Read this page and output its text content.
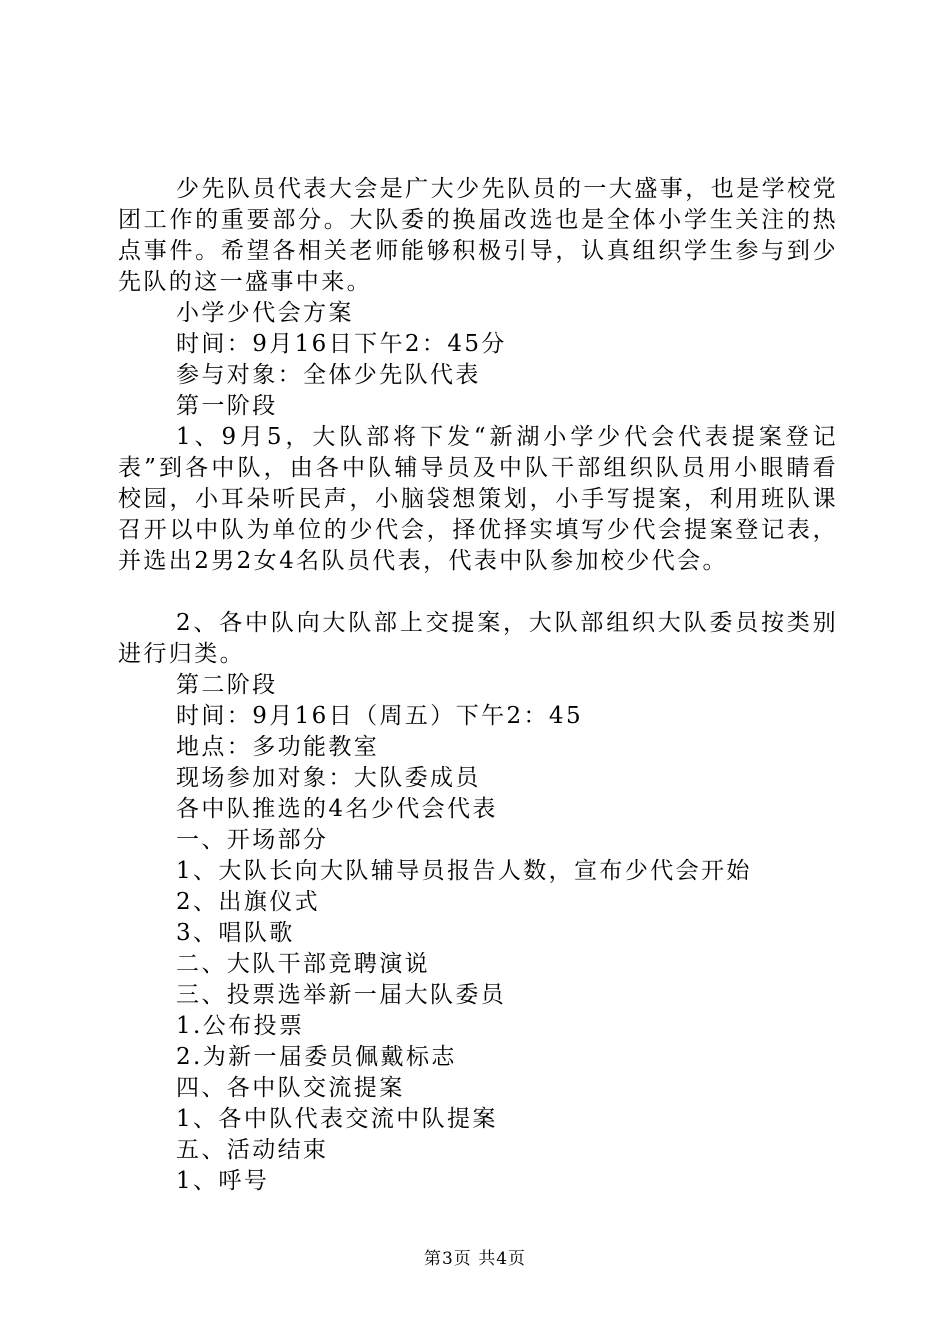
少先队员代表大会是广大少先队员的一大盛事，也是学校党团工作的重要部分。大队委的换届改选也是全体小学生关注的热点事件。希望各相关老师能够积极引导，认真组织学生参与到少先队的这一盛事中来。

小学少代会方案

时间：9月16日下午2：45分

参与对象：全体少先队代表

第一阶段

1、9月5，大队部将下发“新湖小学少代会代表提案登记表”到各中队，由各中队辅导员及中队干部组织队员用小眼睛看校园，小耳朵听民声，小脑袋想策划，小手写提案，利用班队课召开以中队为单位的少代会，择优择实填写少代会提案登记表，并选出2男2女4名队员代表，代表中队参加校少代会。

2、各中队向大队部上交提案，大队部组织大队委员按类别进行归类。

第二阶段

时间：9月16日（周五）下午2：45

地点：多功能教室

现场参加对象：大队委成员

各中队推选的4名少代会代表

一、开场部分

1、大队长向大队辅导员报告人数，宣布少代会开始

2、出旗仪式

3、唱队歌

二、大队干部竞聘演说

三、投票选举新一届大队委员

1.公布投票

2.为新一届委员佩戴标志

四、各中队交流提案

1、各中队代表交流中队提案

五、活动结束

1、呼号

第3页 共4页
